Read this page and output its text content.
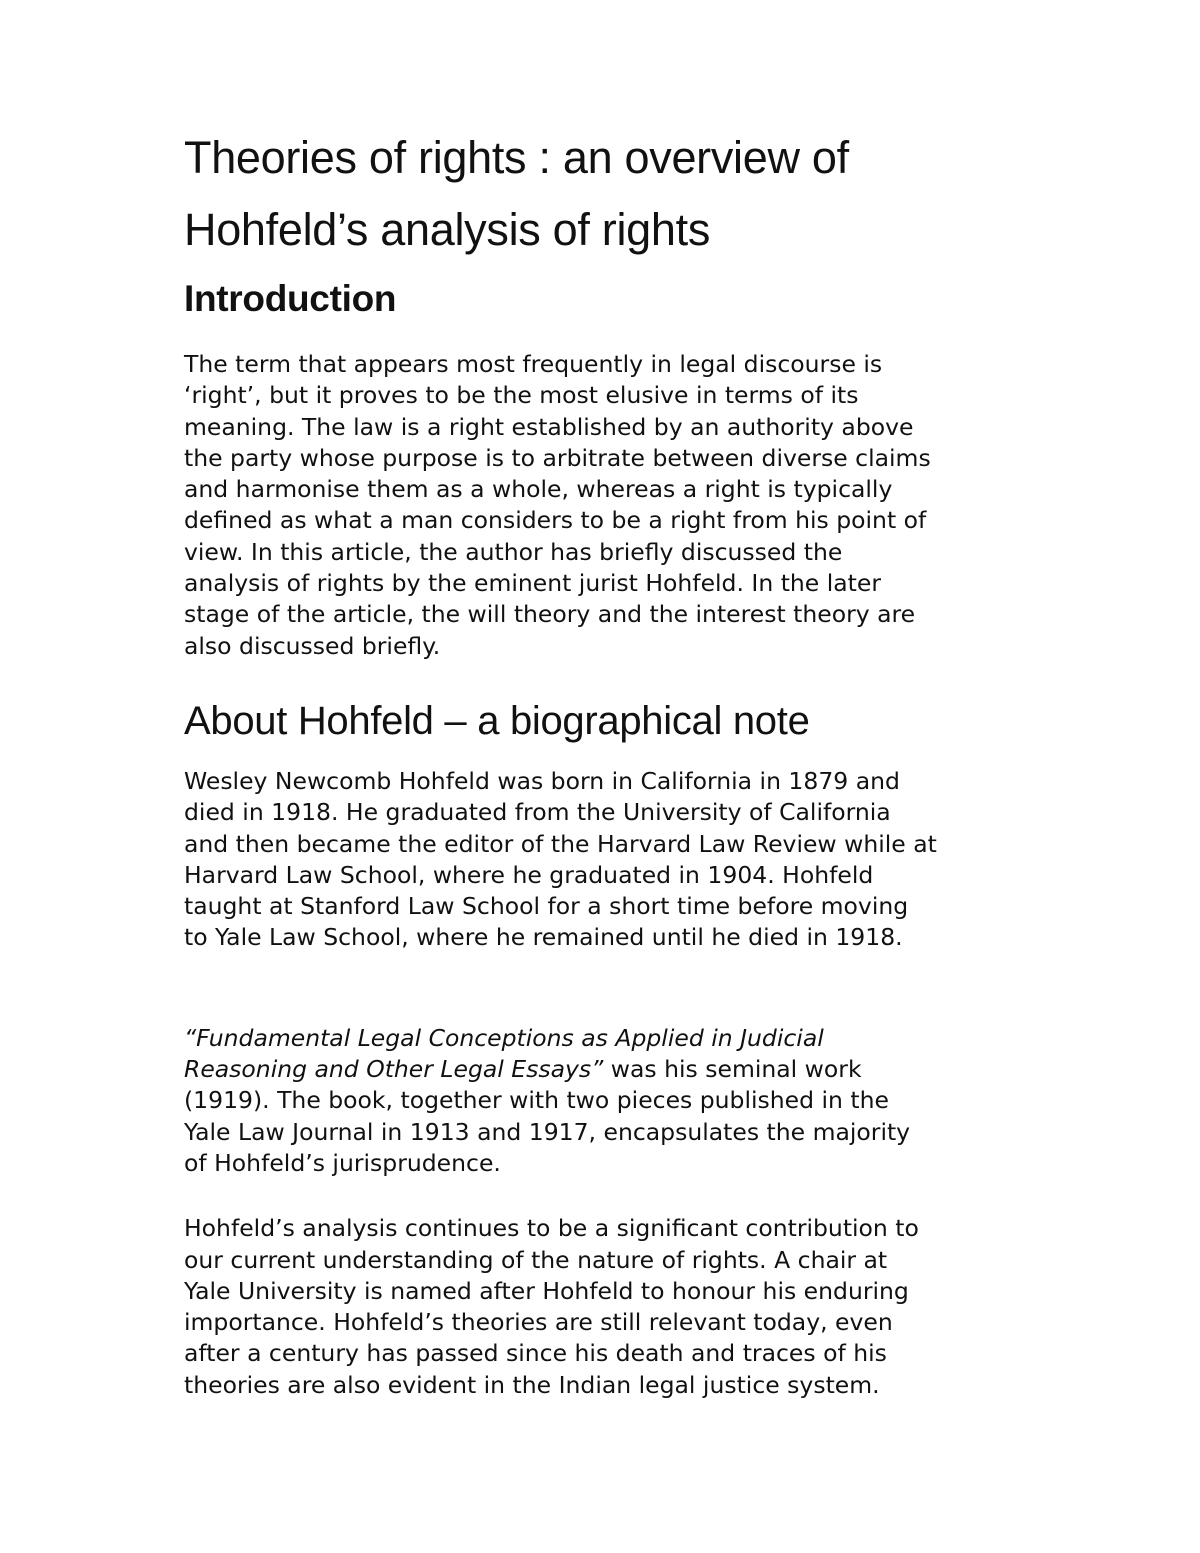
Theories of rights : an overview of
Hohfeld’s analysis of rights
Introduction

The term that appears most frequently in legal discourse is
‘right’, but it proves to be the most elusive in terms of its
meaning. The law is a right established by an authority above
the party whose purpose is to arbitrate between diverse claims
and harmonise them as a whole, whereas a right is typically
defined as what a man considers to be a right from his point of
view. In this article, the author has briefly discussed the
analysis of rights by the eminent jurist Hohfeld. In the later
stage of the article, the will theory and the interest theory are
also discussed briefly.

About Hohfeld – a biographical note

Wesley Newcomb Hohfeld was born in California in 1879 and
died in 1918. He graduated from the University of California
and then became the editor of the Harvard Law Review while at
Harvard Law School, where he graduated in 1904. Hohfeld
taught at Stanford Law School for a short time before moving
to Yale Law School, where he remained until he died in 1918.

“Fundamental Legal Conceptions as Applied in Judicial
Reasoning and Other Legal Essays” was his seminal work
(1919). The book, together with two pieces published in the
Yale Law Journal in 1913 and 1917, encapsulates the majority
of Hohfeld’s jurisprudence.

Hohfeld’s analysis continues to be a significant contribution to
our current understanding of the nature of rights. A chair at
Yale University is named after Hohfeld to honour his enduring
importance. Hohfeld’s theories are still relevant today, even
after a century has passed since his death and traces of his
theories are also evident in the Indian legal justice system.
